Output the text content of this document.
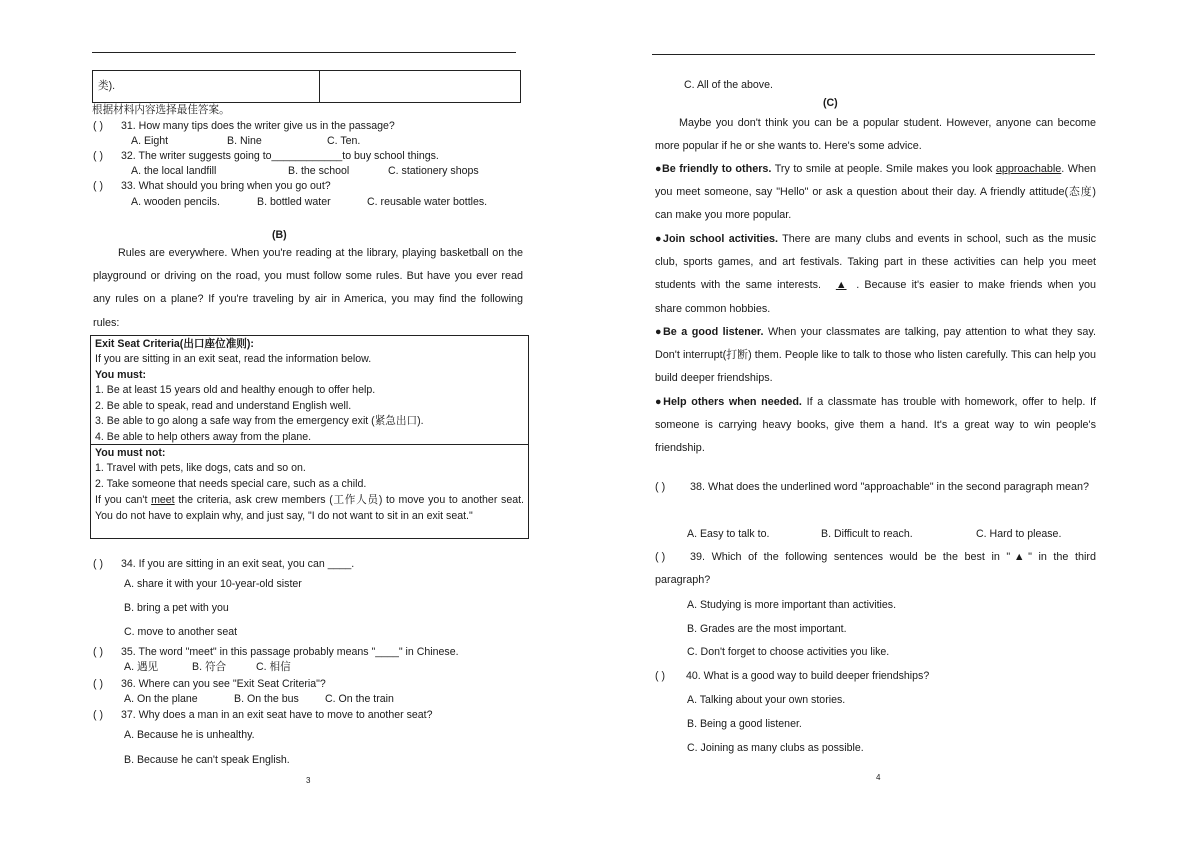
类).
根据材料内容选择最佳答案。
( ) 31. How many tips does the writer give us in the passage?
A. Eight	B. Nine	C. Ten.
( ) 32. The writer suggests going to____________to buy school things.
A. the local landfill	B. the school	C. stationery shops
( ) 33. What should you bring when you go out?
A. wooden pencils.	B. bottled water	C. reusable water bottles.
(B)
Rules are everywhere. When you're reading at the library, playing basketball on the playground or driving on the road, you must follow some rules. But have you ever read any rules on a plane? If you're traveling by air in America, you may find the following rules:
Exit Seat Criteria(出口座位准则):
If you are sitting in an exit seat, read the information below.
You must:
1. Be at least 15 years old and healthy enough to offer help.
2. Be able to speak, read and understand English well.
3. Be able to go along a safe way from the emergency exit (紧急出口).
4. Be able to help others away from the plane.
You must not:
1. Travel with pets, like dogs, cats and so on.
2. Take someone that needs special care, such as a child.
If you can't meet the criteria, ask crew members (工作人员) to move you to another seat. You do not have to explain why, and just say, "I do not want to sit in an exit seat."
( ) 34. If you are sitting in an exit seat, you can ____.
A. share it with your 10-year-old sister
B. bring a pet with you
C. move to another seat
( ) 35. The word "meet" in this passage probably means "____" in Chinese.
A. 遇见	B. 符合	C. 相信
( ) 36. Where can you see "Exit Seat Criteria"?
A. On the plane	B. On the bus C. On the train
( ) 37. Why does a man in an exit seat have to move to another seat?
A. Because he is unhealthy.
B. Because he can't speak English.
3
C. All of the above.
(C)
Maybe you don't think you can be a popular student. However, anyone can become more popular if he or she wants to. Here's some advice.
●Be friendly to others. Try to smile at people. Smile makes you look approachable. When you meet someone, say "Hello" or ask a question about their day. A friendly attitude(态度) can make you more popular.
●Join school activities. There are many clubs and events in school, such as the music club, sports games, and art festivals. Taking part in these activities can help you meet students with the same interests. ▲ . Because it's easier to make friends when you share common hobbies.
●Be a good listener. When your classmates are talking, pay attention to what they say. Don't interrupt(打断) them. People like to talk to those who listen carefully. This can help you build deeper friendships.
●Help others when needed. If a classmate has trouble with homework, offer to help. If someone is carrying heavy books, give them a hand. It's a great way to win people's friendship.
( ) 38. What does the underlined word "approachable" in the second paragraph mean?
A. Easy to talk to.	B. Difficult to reach.	C. Hard to please.
( ) 39. Which of the following sentences would be the best in "▲" in the third paragraph?
A. Studying is more important than activities.
B. Grades are the most important.
C. Don't forget to choose activities you like.
( ) 40. What is a good way to build deeper friendships?
A. Talking about your own stories.
B. Being a good listener.
C. Joining as many clubs as possible.
4
